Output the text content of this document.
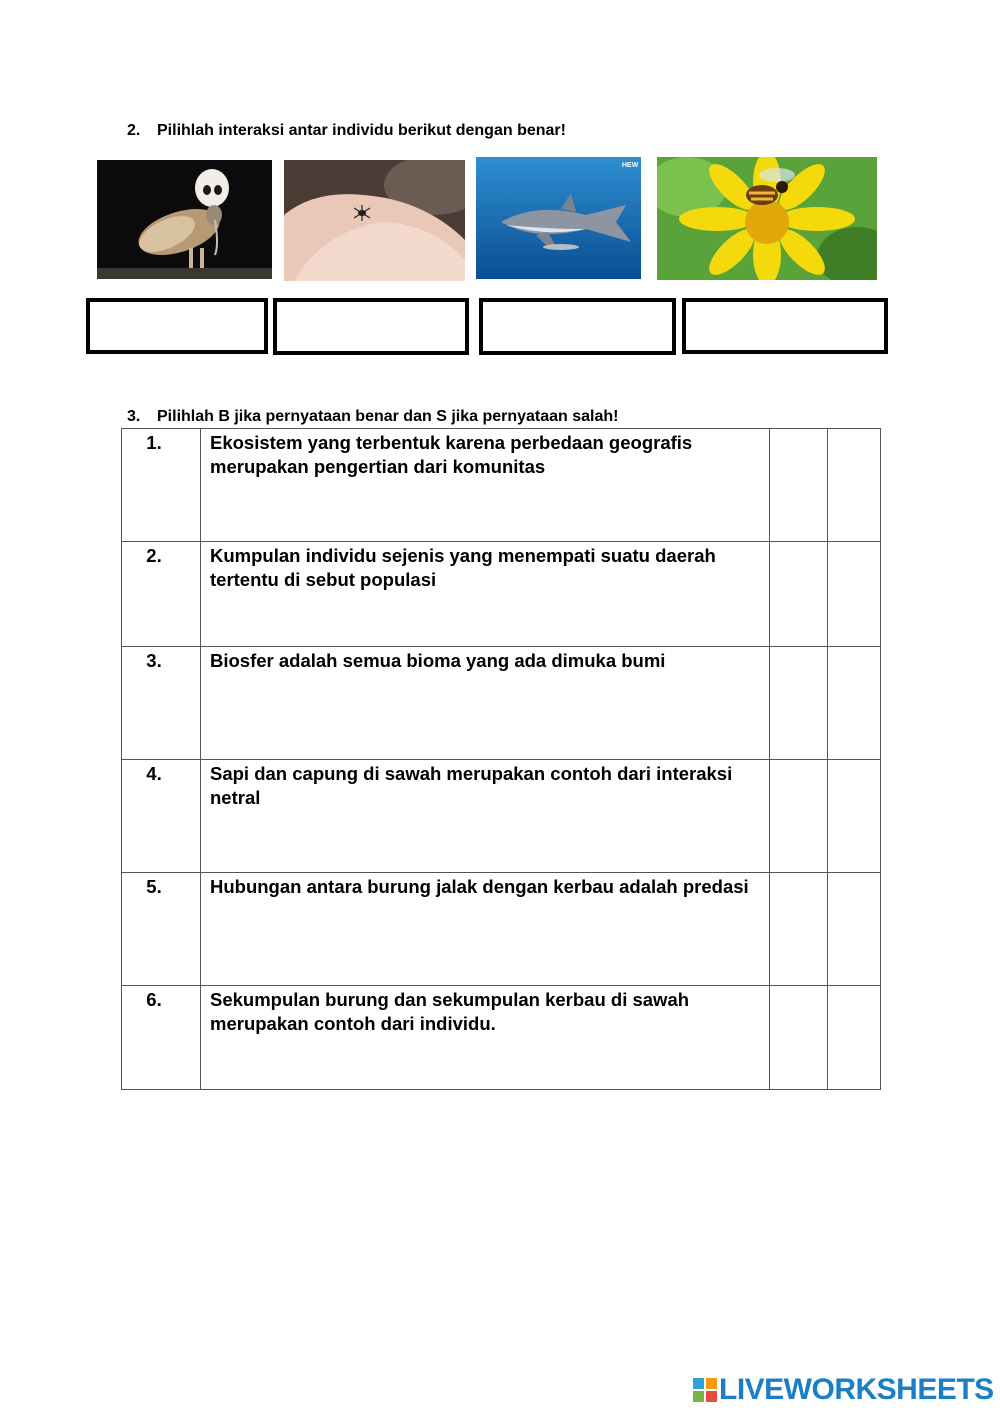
2. Pilihlah interaksi antar individu berikut dengan benar!
HEW
3. Pilihlah B jika pernyataan benar dan S jika pernyataan salah!
1.	Ekosistem yang terbentuk karena perbedaan geografis merupakan pengertian dari komunitas		
2.	Kumpulan individu sejenis yang menempati suatu daerah tertentu di sebut populasi		
3.	Biosfer adalah semua bioma yang ada dimuka bumi		
4.	Sapi dan capung di sawah merupakan contoh dari interaksi netral		
5.	Hubungan antara burung jalak dengan kerbau adalah predasi		
6.	Sekumpulan burung dan sekumpulan kerbau di sawah merupakan contoh dari individu.		
LIVEWORKSHEETS
